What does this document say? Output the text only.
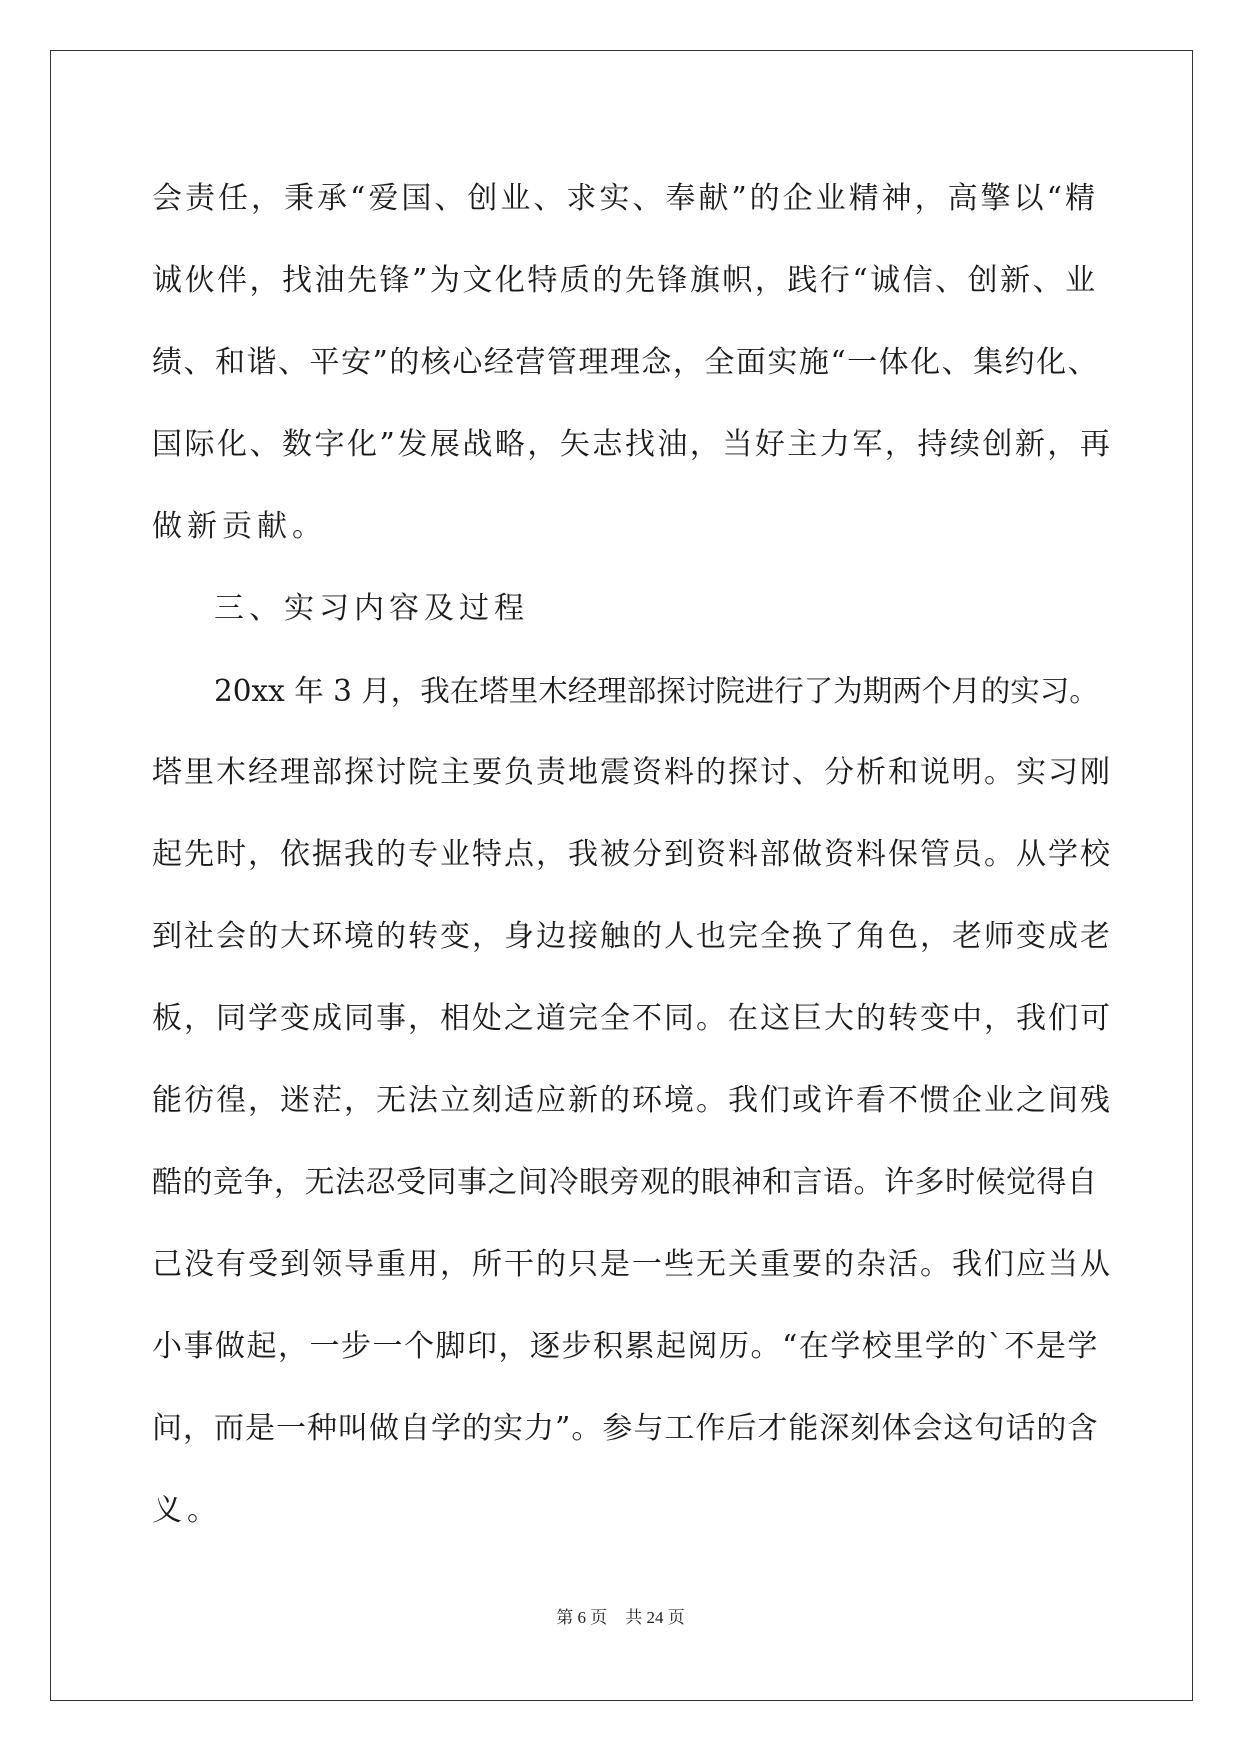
会责任，秉承“爱国、创业、求实、奉献”的企业精神，高擎以“精

诚伙伴，找油先锋”为文化特质的先锋旗帜，践行“诚信、创新、业

绩、和谐、平安”的核心经营管理理念，全面实施“一体化、集约化、

国际化、数字化”发展战略，矢志找油，当好主力军，持续创新，再

做新贡献。

三、实习内容及过程

20xx 年 3 月，我在塔里木经理部探讨院进行了为期两个月的实习。

塔里木经理部探讨院主要负责地震资料的探讨、分析和说明。实习刚

起先时，依据我的专业特点，我被分到资料部做资料保管员。从学校

到社会的大环境的转变，身边接触的人也完全换了角色，老师变成老

板，同学变成同事，相处之道完全不同。在这巨大的转变中，我们可

能彷徨，迷茫，无法立刻适应新的环境。我们或许看不惯企业之间残

酷的竞争，无法忍受同事之间冷眼旁观的眼神和言语。许多时候觉得自

己没有受到领导重用，所干的只是一些无关重要的杂活。我们应当从

小事做起，一步一个脚印，逐步积累起阅历。“在学校里学的`不是学

问，而是一种叫做自学的实力”。参与工作后才能深刻体会这句话的含

义。

第 6 页 共 24 页
